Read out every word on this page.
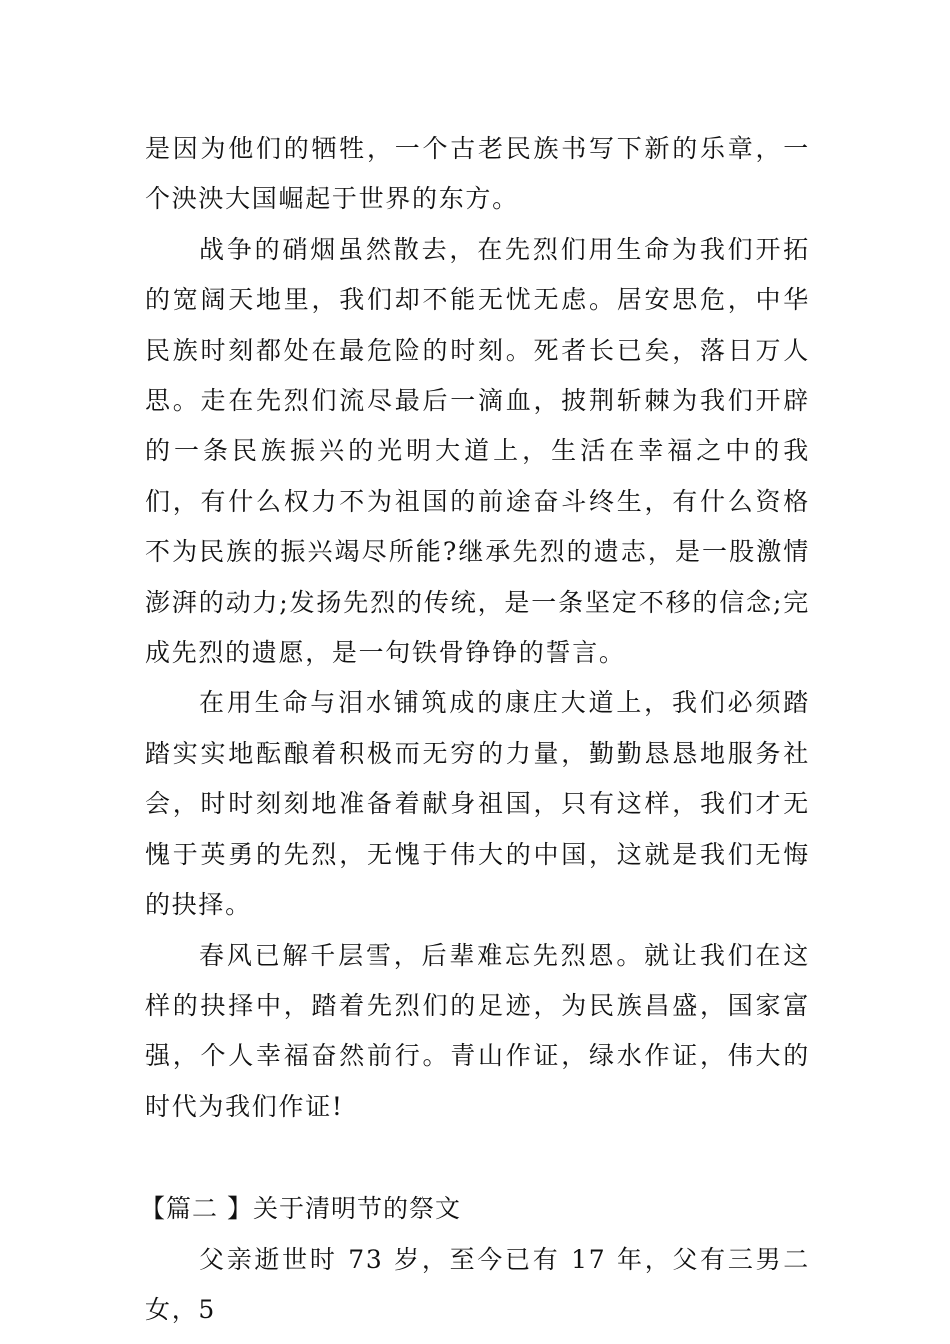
是因为他们的牺牲，一个古老民族书写下新的乐章，一个泱泱大国崛起于世界的东方。

战争的硝烟虽然散去，在先烈们用生命为我们开拓的宽阔天地里，我们却不能无忧无虑。居安思危，中华民族时刻都处在最危险的时刻。死者长已矣，落日万人思。走在先烈们流尽最后一滴血，披荆斩棘为我们开辟的一条民族振兴的光明大道上，生活在幸福之中的我们，有什么权力不为祖国的前途奋斗终生，有什么资格不为民族的振兴竭尽所能?继承先烈的遗志，是一股激情澎湃的动力;发扬先烈的传统，是一条坚定不移的信念;完成先烈的遗愿，是一句铁骨铮铮的誓言。

在用生命与泪水铺筑成的康庄大道上，我们必须踏踏实实地酝酿着积极而无穷的力量，勤勤恳恳地服务社会，时时刻刻地准备着献身祖国，只有这样，我们才无愧于英勇的先烈，无愧于伟大的中国，这就是我们无悔的抉择。

春风已解千层雪，后辈难忘先烈恩。就让我们在这样的抉择中，踏着先烈们的足迹，为民族昌盛，国家富强，个人幸福奋然前行。青山作证，绿水作证，伟大的时代为我们作证!

【篇二 】关于清明节的祭文

父亲逝世时 73 岁，至今已有 17 年，父有三男二女，5
